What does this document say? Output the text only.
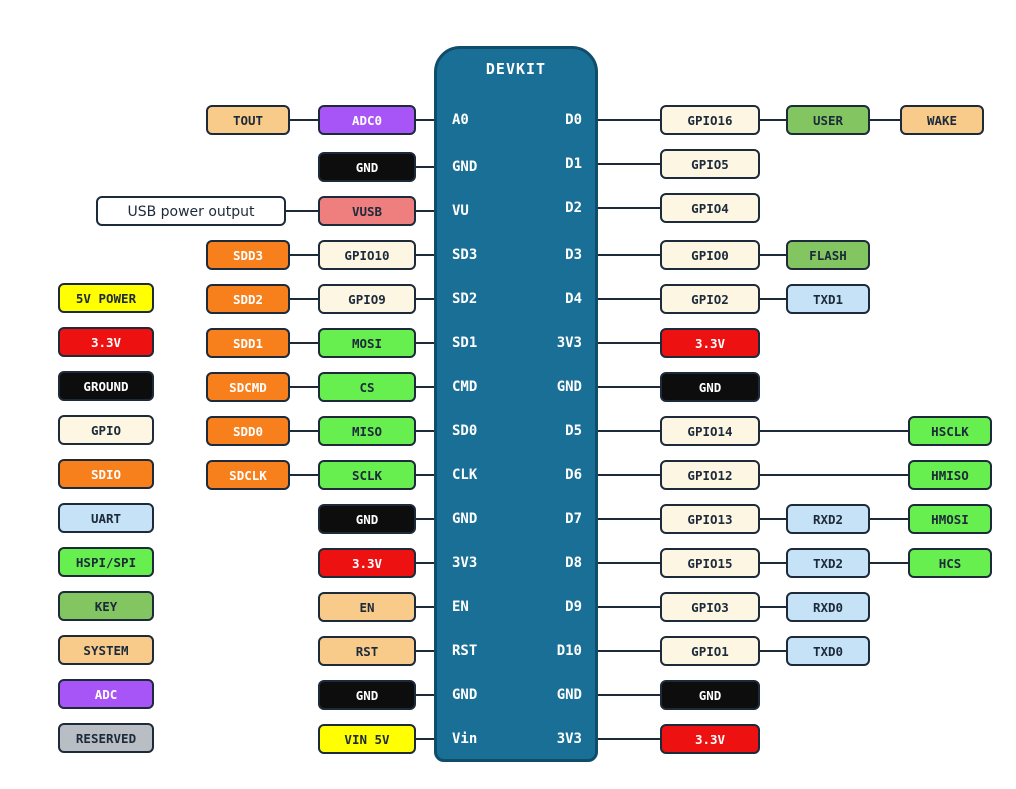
DEVKIT
5V POWER
3.3V
GROUND
GPIO
SDIO
UART
HSPI/SPI
KEY
SYSTEM
ADC
RESERVED
ADC0
TOUT
GND
VUSB
USB power output
GPIO10
SDD3
GPIO9
SDD2
MOSI
SDD1
CS
SDCMD
MISO
SDD0
SCLK
SDCLK
GND
3.3V
EN
RST
GND
VIN 5V
GPIO16	USER	WAKE
GPIO5
GPIO4
GPIO0	FLASH
GPIO2	TXD1
3.3V
GND
GPIO14	HSCLK
GPIO12	HMISO
GPIO13	RXD2	HMOSI
GPIO15	TXD2	HCS
GPIO3	RXD0
GPIO1	TXD0
GND
3.3V
A0
GND
VU
SD3
SD2
SD1
CMD
SD0
CLK
GND
3V3
EN
RST
GND
Vin
D0
D1
D2
D3
D4
3V3
GND
D5
D6
D7
D8
D9
D10
GND
3V3
